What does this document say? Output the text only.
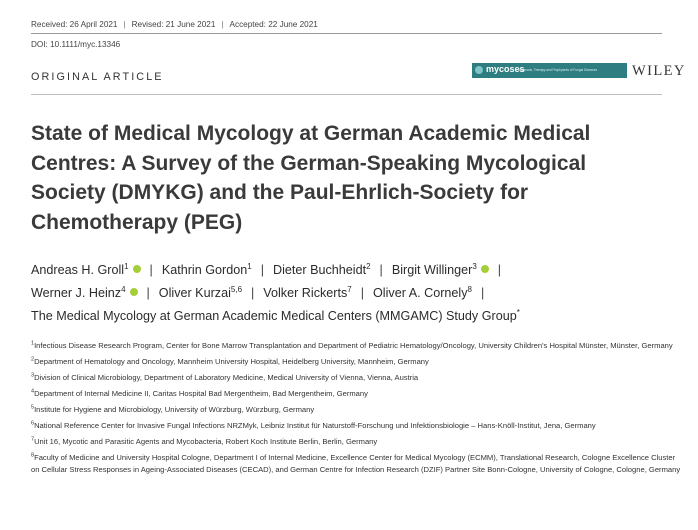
Received: 26 April 2021 | Revised: 21 June 2021 | Accepted: 22 June 2021
DOI: 10.1111/myc.13346
ORIGINAL ARTICLE
mycoses
Diagnosis, Therapy and Prophylaxis of Fungal Diseases WILEY
State of Medical Mycology at German Academic Medical Centres: A Survey of the German-Speaking Mycological Society (DMYKG) and the Paul-Ehrlich-Society for Chemotherapy (PEG)
Andreas H. Groll$^1$ | Kathrin Gordon$^1$ | Dieter Buchheidt$^2$ | Birgit Willinger$^3$ |
Werner J. Heinz$^4$ | Oliver Kurzai$^{5,6}$ | Volker Rickerts$^7$ | Oliver A. Cornely$^8$ |
The Medical Mycology at German Academic Medical Centers (MMGAMC) Study Group*

$^1$Infectious Disease Research Program, Center for Bone Marrow Transplantation and Department of Pediatric Hematology/Oncology, University Children's Hospital Münster, Münster, Germany

$^2$Department of Hematology and Oncology, Mannheim University Hospital, Heidelberg University, Mannheim, Germany

$^3$Division of Clinical Microbiology, Department of Laboratory Medicine, Medical University of Vienna, Vienna, Austria

$^4$Department of Internal Medicine II, Caritas Hospital Bad Mergentheim, Bad Mergentheim, Germany

$^5$Institute for Hygiene and Microbiology, University of Würzburg, Würzburg, Germany

$^6$National Reference Center for Invasive Fungal Infections NRZMyk, Leibniz Institut für Naturstoff-Forschung und Infektionsbiologie – Hans-Knöll-Institut, Jena, Germany

$^7$Unit 16, Mycotic and Parasitic Agents and Mycobacteria, Robert Koch Institute Berlin, Berlin, Germany

$^8$Faculty of Medicine and University Hospital Cologne, Department I of Internal Medicine, Excellence Center for Medical Mycology (ECMM), Translational Research, Cologne Excellence Cluster on Cellular Stress Responses in Ageing-Associated Diseases (CECAD), and German Centre for Infection Research (DZIF) Partner Site Bonn-Cologne, University of Cologne, Cologne, Germany
